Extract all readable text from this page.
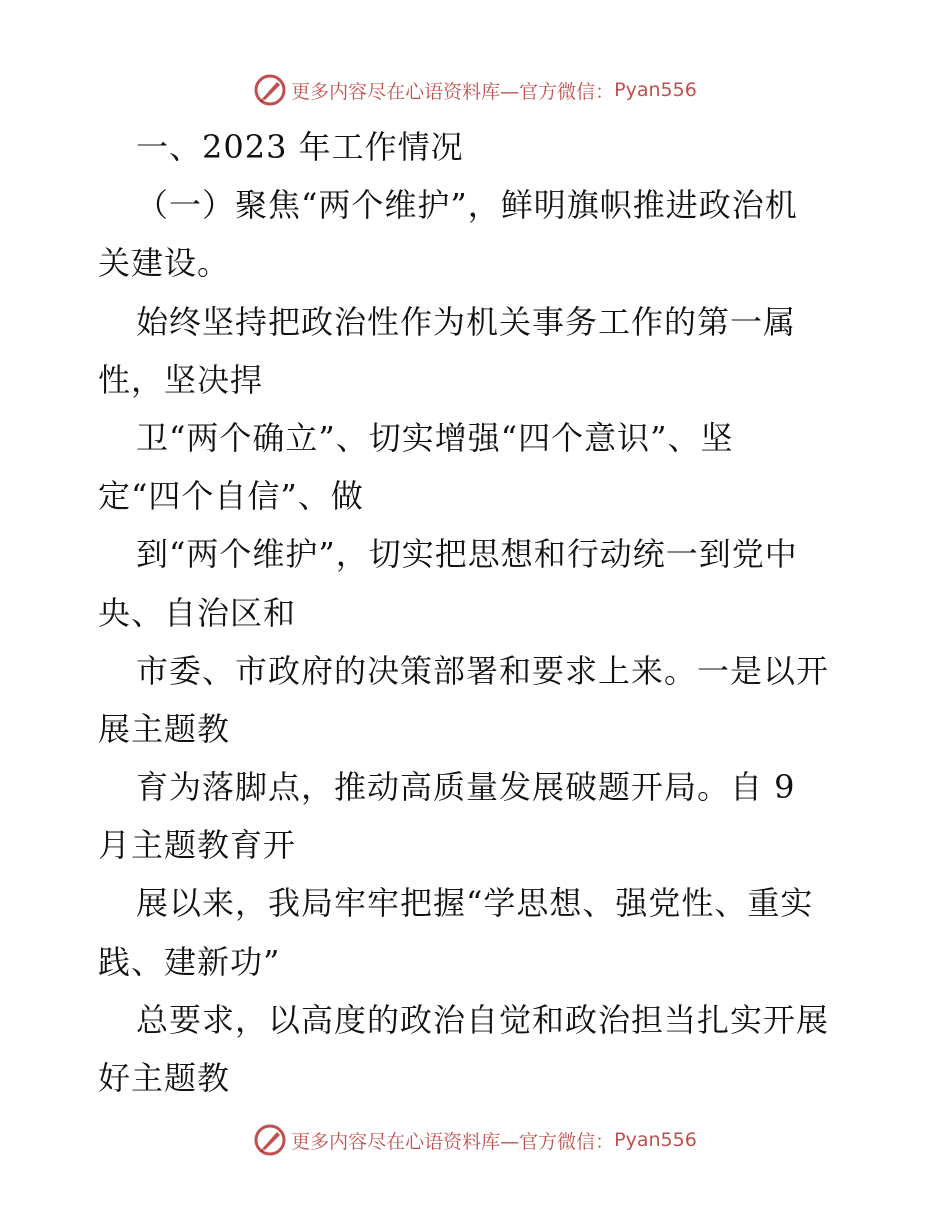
更多内容尽在心语资料库—官方微信： Pyan556
一、2023 年工作情况
（一）聚焦“两个维护”，鲜明旗帜推进政治机
关建设。
始终坚持把政治性作为机关事务工作的第一属
性，坚决捍
卫“两个确立”、切实增强“四个意识”、坚
定“四个自信”、做
到“两个维护”，切实把思想和行动统一到党中
央、自治区和
市委、市政府的决策部署和要求上来。一是以开
展主题教
育为落脚点，推动高质量发展破题开局。自 9
月主题教育开
展以来，我局牢牢把握“学思想、强党性、重实
践、建新功”
总要求，以高度的政治自觉和政治担当扎实开展
好主题教
更多内容尽在心语资料库—官方微信： Pyan556
